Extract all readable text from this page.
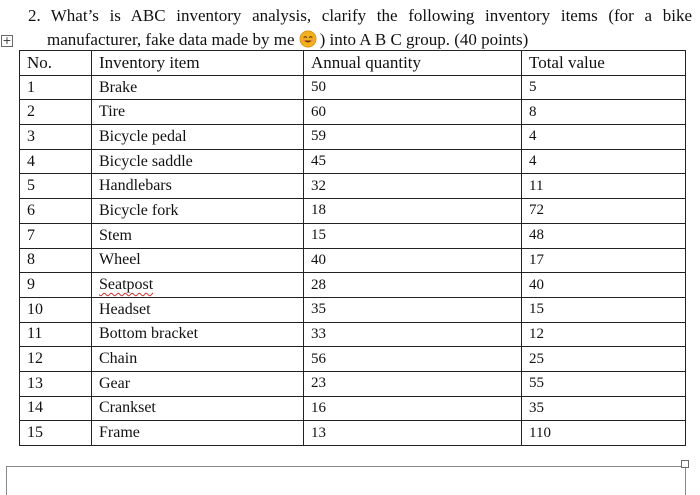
2. What’s is ABC inventory analysis, clarify the following inventory items (for a bike
manufacturer, fake data made by me ) into A B C group. (40 points)
+
No.	Inventory item	Annual quantity	Total value
1	Brake	50	5
2	Tire	60	8
3	Bicycle pedal	59	4
4	Bicycle saddle	45	4
5	Handlebars	32	11
6	Bicycle fork	18	72
7	Stem	15	48
8	Wheel	40	17
9	Seatpost	28	40
10	Headset	35	15
11	Bottom bracket	33	12
12	Chain	56	25
13	Gear	23	55
14	Crankset	16	35
15	Frame	13	110
